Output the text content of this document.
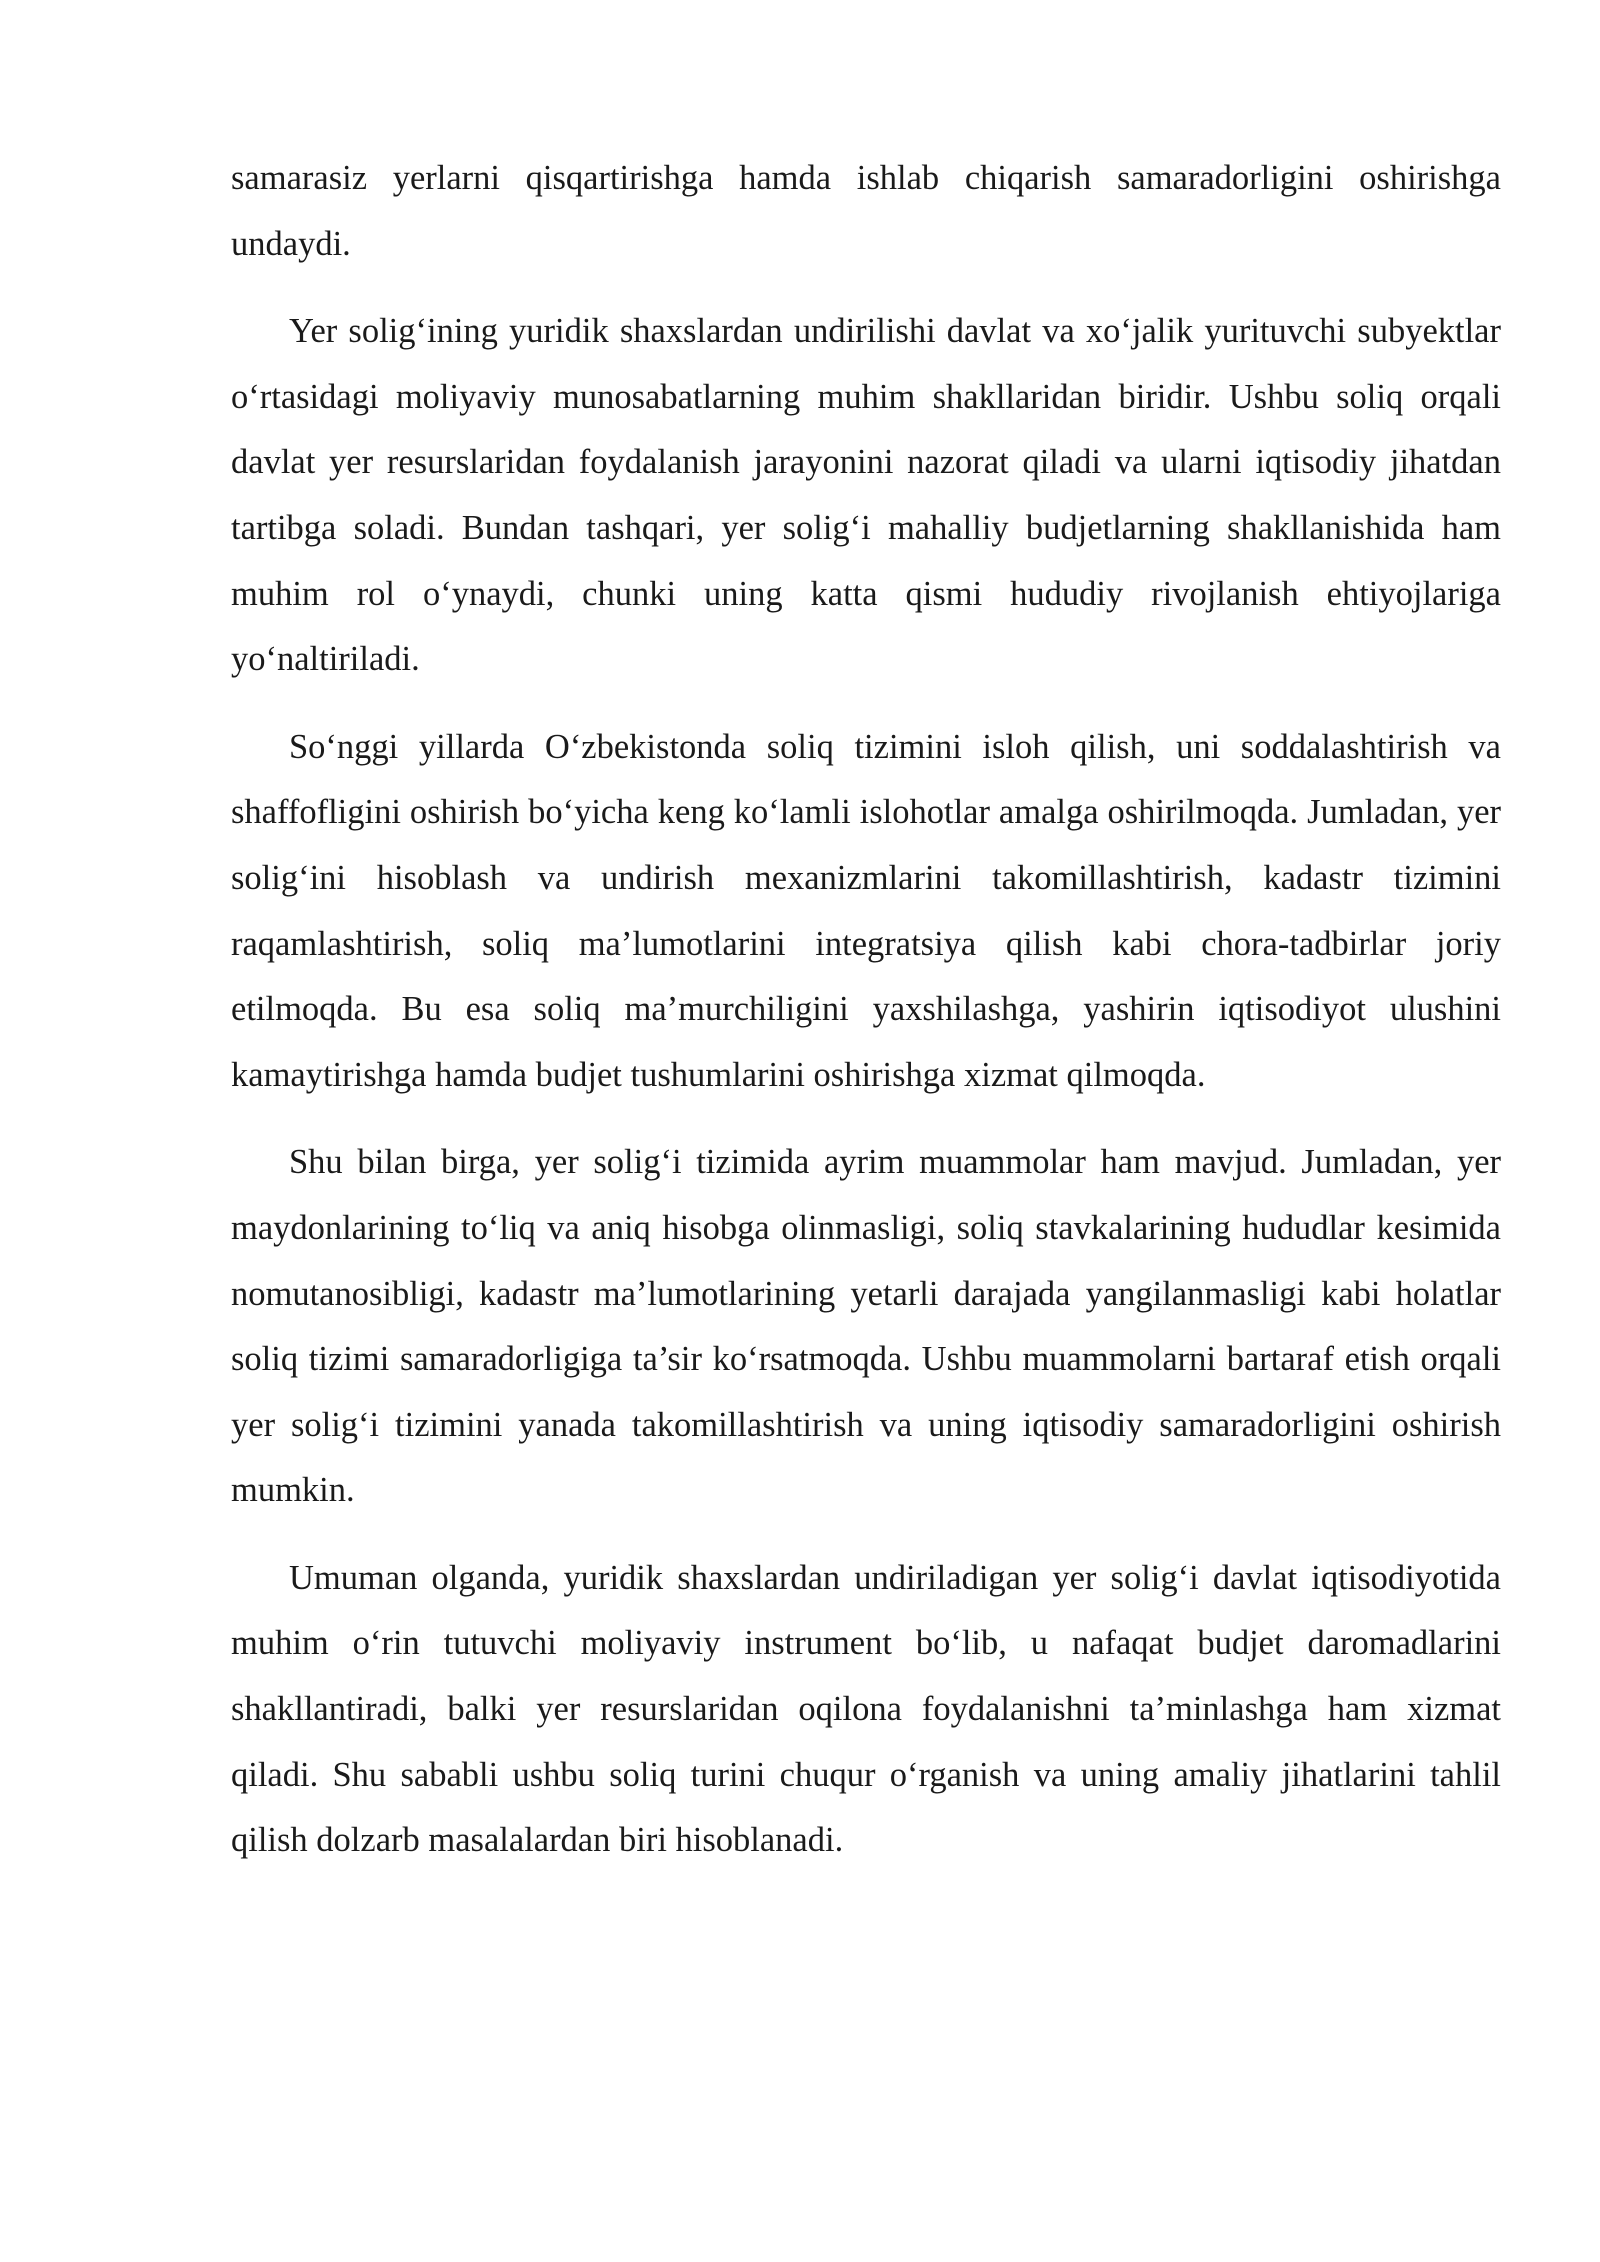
samarasiz yerlarni qisqartirishga hamda ishlab chiqarish samaradorligini oshirishga undaydi.

Yer solig‘ining yuridik shaxslardan undirilishi davlat va xo‘jalik yurituvchi subyektlar o‘rtasidagi moliyaviy munosabatlarning muhim shakllaridan biridir. Ushbu soliq orqali davlat yer resurslaridan foydalanish jarayonini nazorat qiladi va ularni iqtisodiy jihatdan tartibga soladi. Bundan tashqari, yer solig‘i mahalliy budjetlarning shakllanishida ham muhim rol o‘ynaydi, chunki uning katta qismi hududiy rivojlanish ehtiyojlariga yo‘naltiriladi.

So‘nggi yillarda O‘zbekistonda soliq tizimini isloh qilish, uni soddalashtirish va shaffofligini oshirish bo‘yicha keng ko‘lamli islohotlar amalga oshirilmoqda. Jumladan, yer solig‘ini hisoblash va undirish mexanizmlarini takomillashtirish, kadastr tizimini raqamlashtirish, soliq ma’lumotlarini integratsiya qilish kabi chora-tadbirlar joriy etilmoqda. Bu esa soliq ma’murchiligini yaxshilashga, yashirin iqtisodiyot ulushini kamaytirishga hamda budjet tushumlarini oshirishga xizmat qilmoqda.

Shu bilan birga, yer solig‘i tizimida ayrim muammolar ham mavjud. Jumladan, yer maydonlarining to‘liq va aniq hisobga olinmasligi, soliq stavkalarining hududlar kesimida nomutanosibligi, kadastr ma’lumotlarining yetarli darajada yangilanmasligi kabi holatlar soliq tizimi samaradorligiga ta’sir ko‘rsatmoqda. Ushbu muammolarni bartaraf etish orqali yer solig‘i tizimini yanada takomillashtirish va uning iqtisodiy samaradorligini oshirish mumkin.

Umuman olganda, yuridik shaxslardan undiriladigan yer solig‘i davlat iqtisodiyotida muhim o‘rin tutuvchi moliyaviy instrument bo‘lib, u nafaqat budjet daromadlarini shakllantiradi, balki yer resurslaridan oqilona foydalanishni ta’minlashga ham xizmat qiladi. Shu sababli ushbu soliq turini chuqur o‘rganish va uning amaliy jihatlarini tahlil qilish dolzarb masalalardan biri hisoblanadi.
